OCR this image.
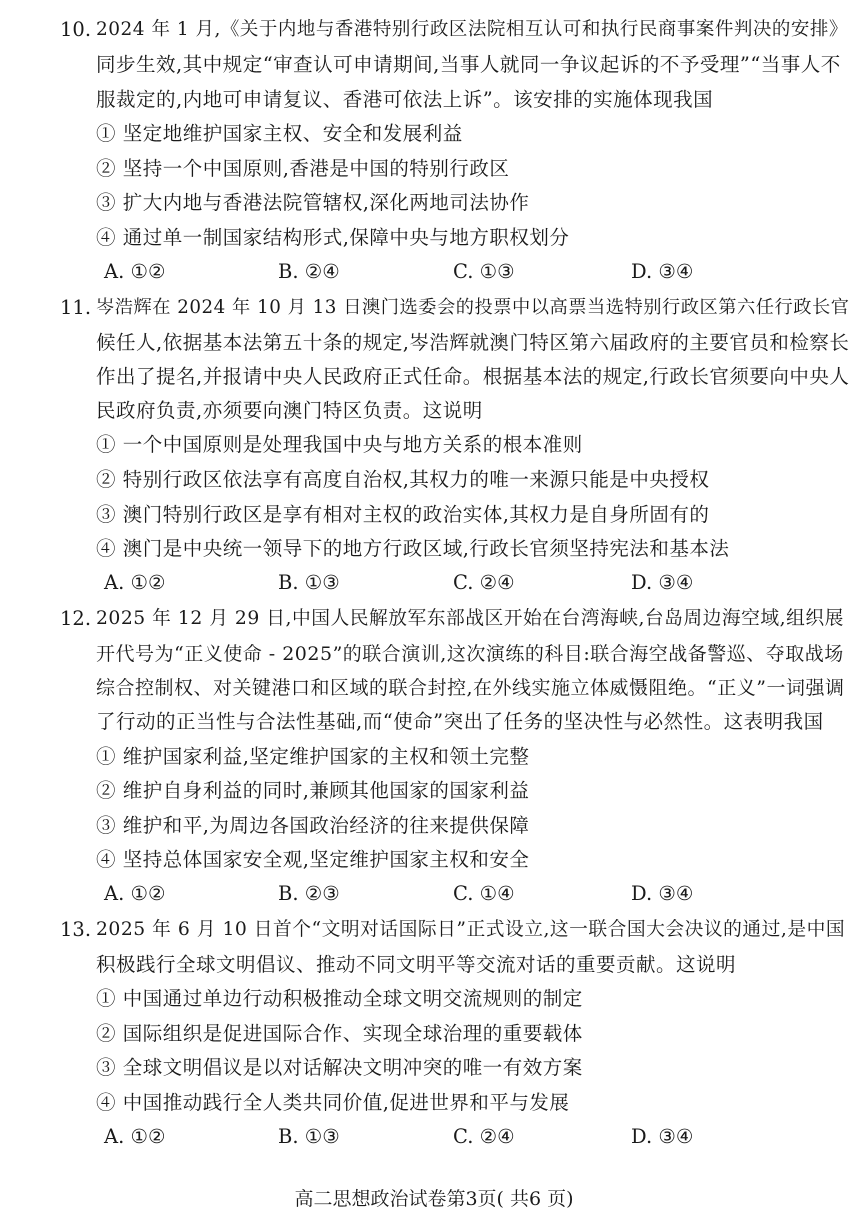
10. 2024 年 1 月,《关于内地与香港特别行政区法院相互认可和执行民商事案件判决的安排》
同步生效,其中规定“审查认可申请期间,当事人就同一争议起诉的不予受理”“当事人不
服裁定的,内地可申请复议、香港可依法上诉”。该安排的实施体现我国
① 坚定地维护国家主权、安全和发展利益
② 坚持一个中国原则,香港是中国的特别行政区
③ 扩大内地与香港法院管辖权,深化两地司法协作
④ 通过单一制国家结构形式,保障中央与地方职权划分
A. ①②	B. ②④	C. ①③	D. ③④
11. 岑浩辉在 2024 年 10 月 13 日澳门选委会的投票中以高票当选特别行政区第六任行政长官
候任人,依据基本法第五十条的规定,岑浩辉就澳门特区第六届政府的主要官员和检察长
作出了提名,并报请中央人民政府正式任命。根据基本法的规定,行政长官须要向中央人
民政府负责,亦须要向澳门特区负责。这说明
① 一个中国原则是处理我国中央与地方关系的根本准则
② 特别行政区依法享有高度自治权,其权力的唯一来源只能是中央授权
③ 澳门特别行政区是享有相对主权的政治实体,其权力是自身所固有的
④ 澳门是中央统一领导下的地方行政区域,行政长官须坚持宪法和基本法
A. ①②	B. ①③	C. ②④	D. ③④
12. 2025 年 12 月 29 日,中国人民解放军东部战区开始在台湾海峡,台岛周边海空域,组织展
开代号为“正义使命 - 2025”的联合演训,这次演练的科目:联合海空战备警巡、夺取战场
综合控制权、对关键港口和区域的联合封控,在外线实施立体威慑阻绝。“正义”一词强调
了行动的正当性与合法性基础,而“使命”突出了任务的坚决性与必然性。这表明我国
① 维护国家利益,坚定维护国家的主权和领土完整
② 维护自身利益的同时,兼顾其他国家的国家利益
③ 维护和平,为周边各国政治经济的往来提供保障
④ 坚持总体国家安全观,坚定维护国家主权和安全
A. ①②	B. ②③	C. ①④	D. ③④
13. 2025 年 6 月 10 日首个“文明对话国际日”正式设立,这一联合国大会决议的通过,是中国
积极践行全球文明倡议、推动不同文明平等交流对话的重要贡献。这说明
① 中国通过单边行动积极推动全球文明交流规则的制定
② 国际组织是促进国际合作、实现全球治理的重要载体
③ 全球文明倡议是以对话解决文明冲突的唯一有效方案
④ 中国推动践行全人类共同价值,促进世界和平与发展
A. ①②	B. ①③	C. ②④	D. ③④
高二思想政治试卷第3页( 共6 页)
